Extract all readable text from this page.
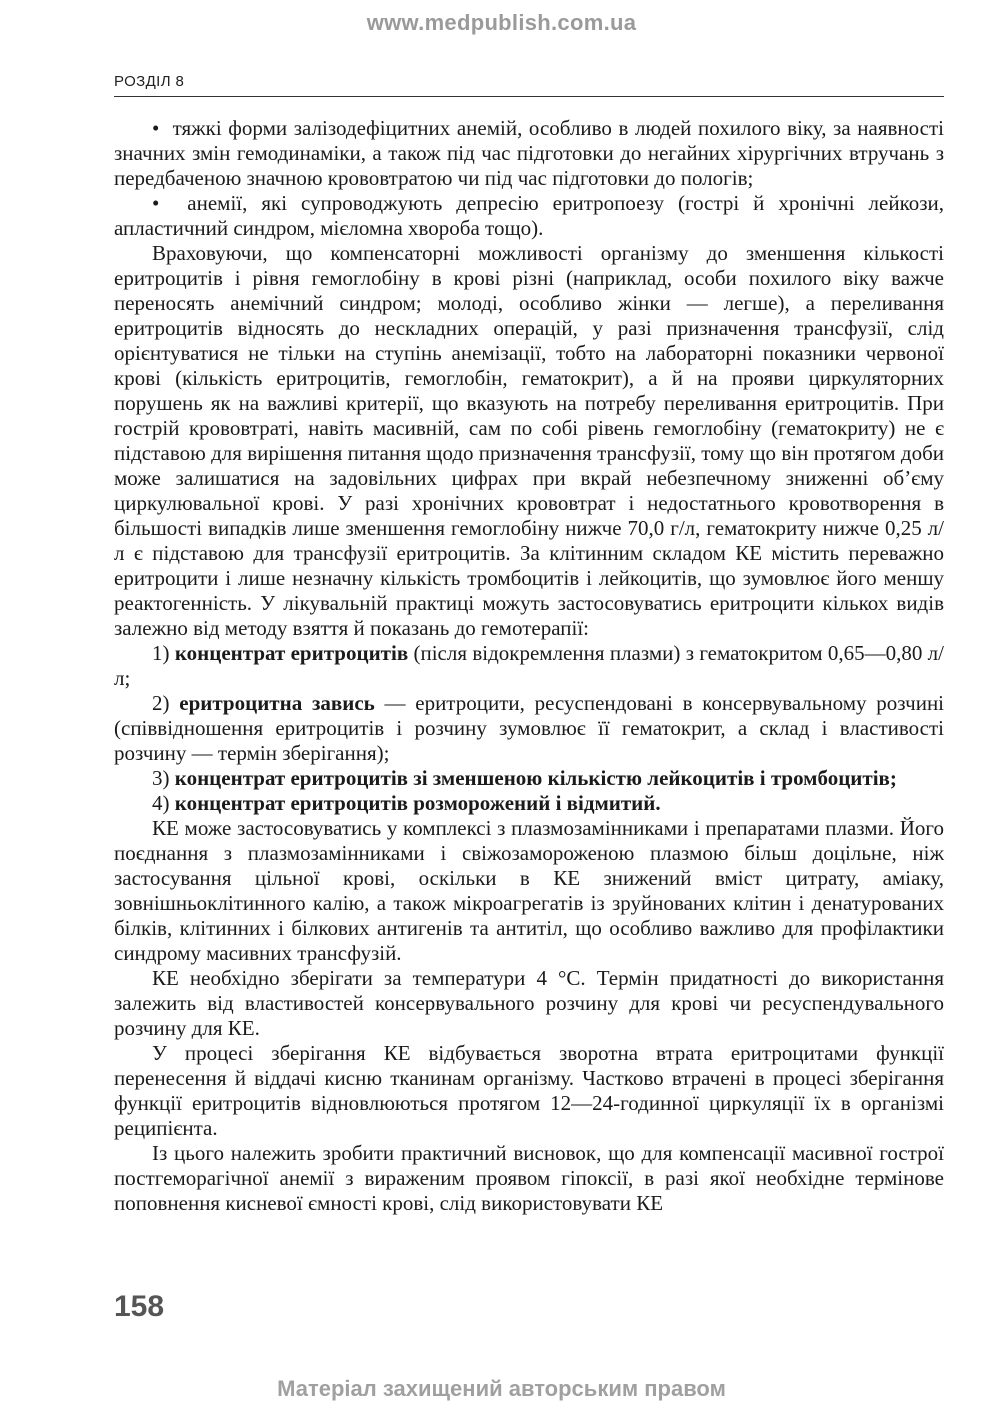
www.medpublish.com.ua
РОЗДІЛ 8

•  тяжкі форми залізодефіцитних анемій, особливо в людей похилого віку, за наявності значних змін гемодинаміки, а також під час підготовки до негайних хірургічних втручань з передбаченою значною крововтратою чи під час підготовки до пологів;

•  анемії, які супроводжують депресію еритропоезу (гострі й хронічні лейкози, апластичний синдром, мієломна хвороба тощо).

Враховуючи, що компенсаторні можливості організму до зменшення кількості еритроцитів і рівня гемоглобіну в крові різні (наприклад, особи похилого віку важче переносять анемічний синдром; молоді, особливо жінки — легше), а переливання еритроцитів відносять до нескладних операцій, у разі призначення трансфузії, слід орієнтуватися не тільки на ступінь анемізації, тобто на лабораторні показники червоної крові (кількість еритроцитів, гемоглобін, гематокрит), а й на прояви циркуляторних порушень як на важливі критерії, що вказують на потребу переливання еритроцитів. При гострій крововтраті, навіть масивній, сам по собі рівень гемоглобіну (гематокриту) не є підставою для вирішення питання щодо призначення трансфузії, тому що він протягом доби може залишатися на задовільних цифрах при вкрай небезпечному зниженні об’єму циркулювальної крові. У разі хронічних крововтрат і недостатнього кровотворення в більшості випадків лише зменшення гемоглобіну нижче 70,0 г/л, гематокриту нижче 0,25 л/л є підставою для трансфузії еритроцитів. За клітинним складом КЕ містить переважно еритроцити і лише незначну кількість тромбоцитів і лейкоцитів, що зумовлює його меншу реактогенність. У лікувальній практиці можуть застосовуватись еритроцити кількох видів залежно від методу взяття й показань до гемотерапії:

1) концентрат еритроцитів (після відокремлення плазми) з гематокритом 0,65—0,80 л/л;

2) еритроцитна завись — еритроцити, ресуспендовані в консервувальному розчині (співвідношення еритроцитів і розчину зумовлює її гематокрит, а склад і властивості розчину — термін зберігання);

3) концентрат еритроцитів зі зменшеною кількістю лейкоцитів і тромбоцитів;

4) концентрат еритроцитів розморожений і відмитий.

КЕ може застосовуватись у комплексі з плазмозамінниками і препаратами плазми. Його поєднання з плазмозамінниками і свіжозамороженою плазмою більш доцільне, ніж застосування цільної крові, оскільки в КЕ знижений вміст цитрату, аміаку, зовнішньоклітинного калію, а також мікроагрегатів із зруйнованих клітин і денатурованих білків, клітинних і білкових антигенів та антитіл, що особливо важливо для профілактики синдрому масивних трансфузій.

КЕ необхідно зберігати за температури 4 °С. Термін придатності до використання залежить від властивостей консервувального розчину для крові чи ресуспендувального розчину для КЕ.

У процесі зберігання КЕ відбувається зворотна втрата еритроцитами функції перенесення й віддачі кисню тканинам організму. Частково втрачені в процесі зберігання функції еритроцитів відновлюються протягом 12—24-годинної циркуляції їх в організмі реципієнта.

Із цього належить зробити практичний висновок, що для компенсації масивної гострої постгеморагічної анемії з вираженим проявом гіпоксії, в разі якої необхідне термінове поповнення кисневої ємності крові, слід використовувати КЕ

158
Матеріал захищений авторським правом
